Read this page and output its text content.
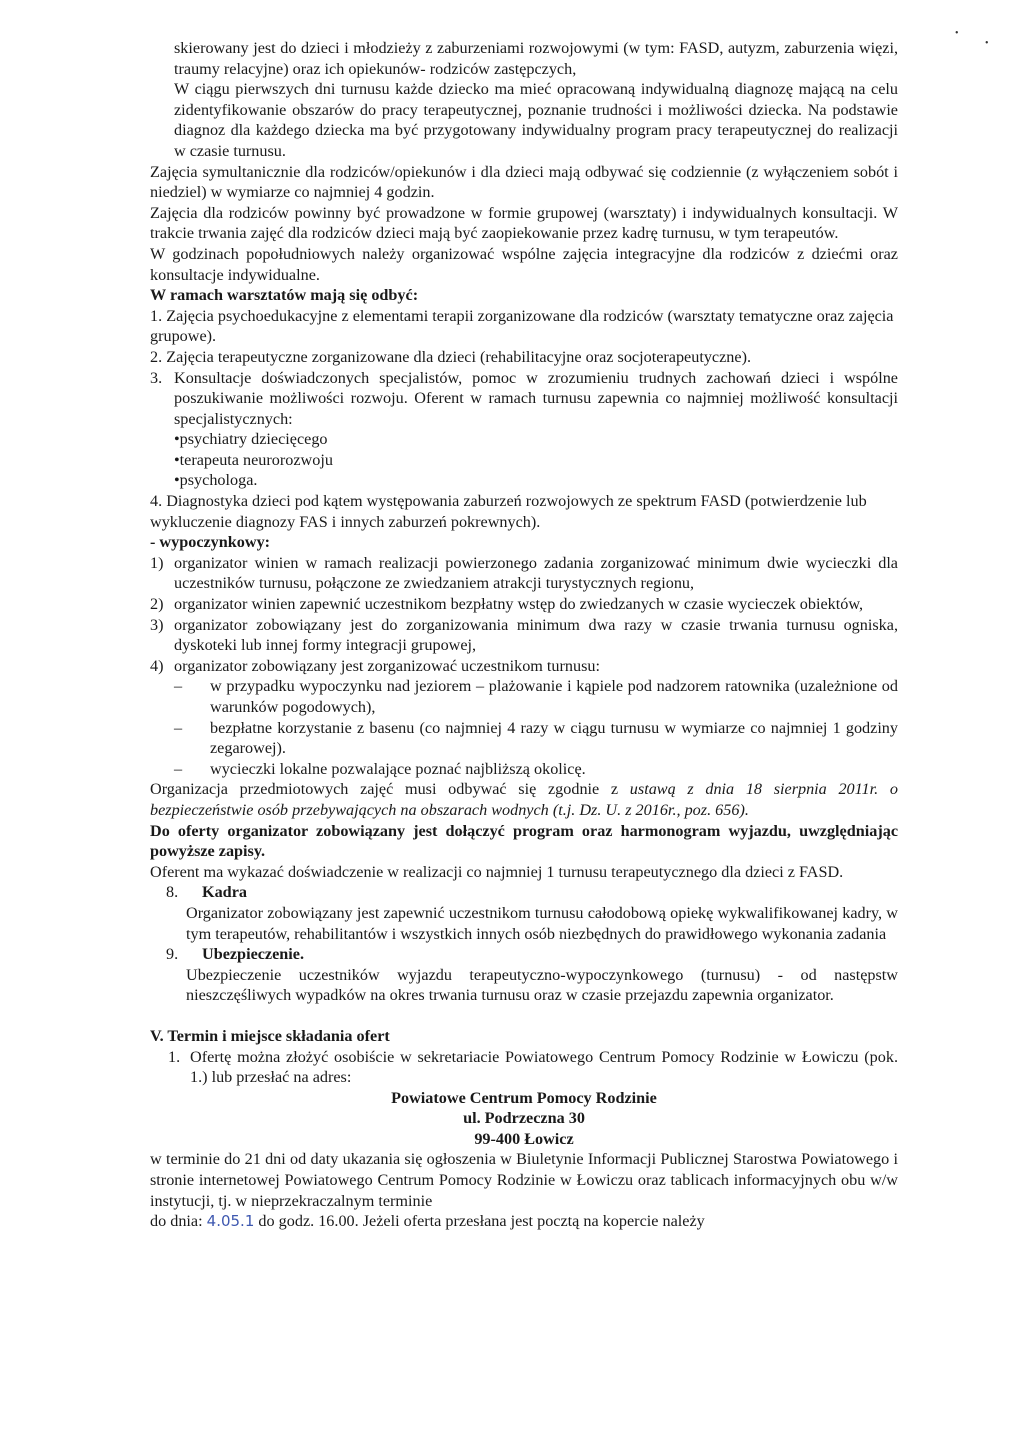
•
•

skierowany jest do dzieci i młodzieży z zaburzeniami rozwojowymi (w tym: FASD, autyzm, zaburzenia więzi, traumy relacyjne) oraz ich opiekunów- rodziców zastępczych,

W ciągu pierwszych dni turnusu każde dziecko ma mieć opracowaną indywidualną diagnozę mającą na celu zidentyfikowanie obszarów do pracy terapeutycznej, poznanie trudności i możliwości dziecka. Na podstawie diagnoz dla każdego dziecka ma być przygotowany indywidualny program pracy terapeutycznej do realizacji w czasie turnusu.

Zajęcia symultanicznie dla rodziców/opiekunów i dla dzieci mają odbywać się codziennie (z wyłączeniem sobót i niedziel) w wymiarze co najmniej 4 godzin.

Zajęcia dla rodziców powinny być prowadzone w formie grupowej (warsztaty) i indywidualnych konsultacji. W trakcie trwania zajęć dla rodziców dzieci mają być zaopiekowanie przez kadrę turnusu, w tym terapeutów.

W godzinach popołudniowych należy organizować wspólne zajęcia integracyjne dla rodziców z dziećmi oraz konsultacje indywidualne.

W ramach warsztatów mają się odbyć:

1. Zajęcia psychoedukacyjne z elementami terapii zorganizowane dla rodziców (warsztaty tematyczne oraz zajęcia grupowe).
2. Zajęcia terapeutyczne zorganizowane dla dzieci (rehabilitacyjne oraz socjoterapeutyczne).
3. Konsultacje doświadczonych specjalistów, pomoc w zrozumieniu trudnych zachowań dzieci i wspólne poszukiwanie możliwości rozwoju. Oferent w ramach turnusu zapewnia co najmniej możliwość konsultacji specjalistycznych:

•psychiatry dziecięcego

•terapeuta neurorozwoju

•psychologa.

4. Diagnostyka dzieci pod kątem występowania zaburzeń rozwojowych ze spektrum FASD (potwierdzenie lub wykluczenie diagnozy FAS i innych zaburzeń pokrewnych).

- wypoczynkowy:

1) organizator winien w ramach realizacji powierzonego zadania zorganizować minimum dwie wycieczki dla uczestników turnusu, połączone ze zwiedzaniem atrakcji turystycznych regionu,
2) organizator winien zapewnić uczestnikom bezpłatny wstęp do zwiedzanych w czasie wycieczek obiektów,
3) organizator zobowiązany jest do zorganizowania minimum dwa razy w czasie trwania turnusu ogniska, dyskoteki lub innej formy integracji grupowej,
4) organizator zobowiązany jest zorganizować uczestnikom turnusu:
–	w przypadku wypoczynku nad jeziorem – plażowanie i kąpiele pod nadzorem ratownika (uzależnione od warunków pogodowych),
–	bezpłatne korzystanie z basenu (co najmniej 4 razy w ciągu turnusu w wymiarze co najmniej 1 godziny zegarowej).
–	wycieczki lokalne pozwalające poznać najbliższą okolicę.

Organizacja przedmiotowych zajęć musi odbywać się zgodnie z ustawą z dnia 18 sierpnia 2011r. o bezpieczeństwie osób przebywających na obszarach wodnych (t.j. Dz. U. z 2016r., poz. 656).

Do oferty organizator zobowiązany jest dołączyć program oraz harmonogram wyjazdu, uwzględniając powyższe zapisy.

Oferent ma wykazać doświadczenie w realizacji co najmniej 1 turnusu terapeutycznego dla dzieci z FASD.

8.	Kadra

Organizator zobowiązany jest zapewnić uczestnikom turnusu całodobową opiekę wykwalifikowanej kadry, w tym terapeutów, rehabilitantów i wszystkich innych osób niezbędnych do prawidłowego wykonania zadania

9.	Ubezpieczenie.

Ubezpieczenie uczestników wyjazdu terapeutyczno-wypoczynkowego (turnusu) - od następstw nieszczęśliwych wypadków na okres trwania turnusu oraz w czasie przejazdu zapewnia organizator.

V. Termin i miejsce składania ofert

1. Ofertę można złożyć osobiście w sekretariacie Powiatowego Centrum Pomocy Rodzinie w Łowiczu (pok. 1.) lub przesłać na adres:

Powiatowe Centrum Pomocy Rodzinie

ul. Podrzeczna 30

99-400 Łowicz

w terminie do 21 dni od daty ukazania się ogłoszenia w Biuletynie Informacji Publicznej Starostwa Powiatowego i stronie internetowej Powiatowego Centrum Pomocy Rodzinie w Łowiczu oraz tablicach informacyjnych obu w/w instytucji, tj. w nieprzekraczalnym terminie

do dnia: 4.05.1 do godz. 16.00. Jeżeli oferta przesłana jest pocztą na kopercie należy
